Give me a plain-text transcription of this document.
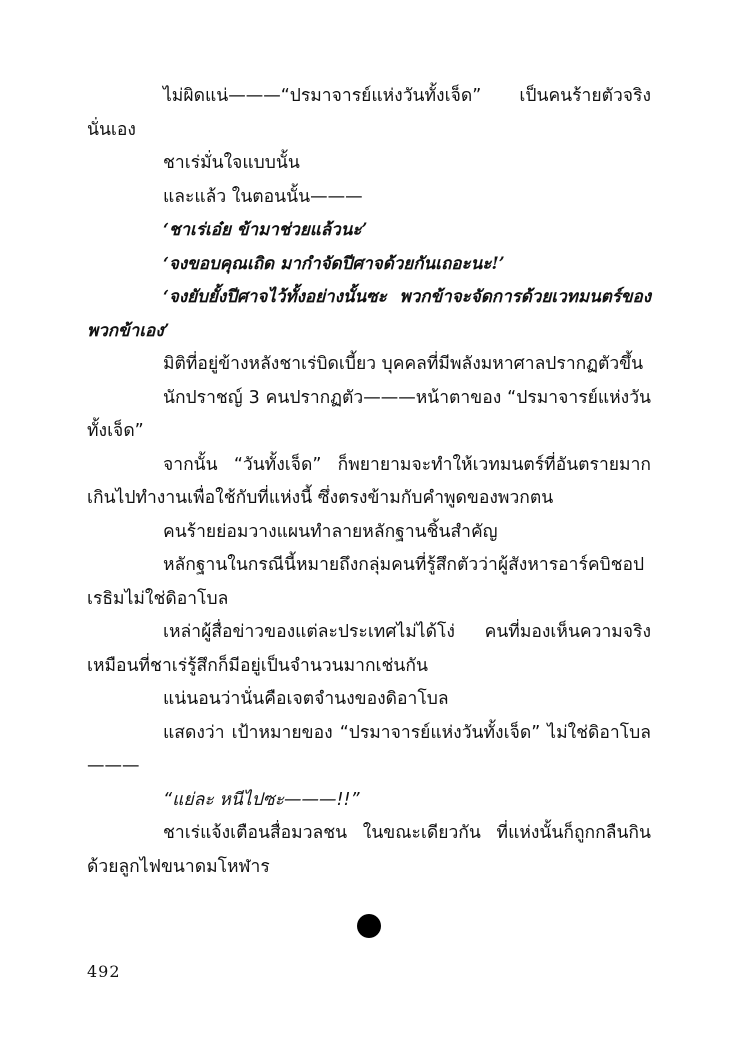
ไม่ผิดแน่———“ปรมาจารย์แห่งวันทั้งเจ็ด” เป็นคนร้ายตัวจริงนั่นเอง

ชาเร่มั่นใจแบบนั้น

และแล้ว ในตอนนั้น———

‘ชาเร่เอ๋ย ข้ามาช่วยแล้วนะ’

‘จงขอบคุณเถิด มากำจัดปีศาจด้วยกันเถอะนะ!’

‘จงยับยั้งปีศาจไว้ทั้งอย่างนั้นซะ พวกข้าจะจัดการด้วยเวทมนตร์ของพวกข้าเอง’

มิติที่อยู่ข้างหลังชาเร่บิดเบี้ยว บุคคลที่มีพลังมหาศาลปรากฏตัวขึ้น

นักปราชญ์ 3 คนปรากฏตัว———หน้าตาของ “ปรมาจารย์แห่งวันทั้งเจ็ด”

จากนั้น “วันทั้งเจ็ด” ก็พยายามจะทำให้เวทมนตร์ที่อันตรายมากเกินไปทำงานเพื่อใช้กับที่แห่งนี้ ซึ่งตรงข้ามกับคำพูดของพวกตน

คนร้ายย่อมวางแผนทำลายหลักฐานชิ้นสำคัญ

หลักฐานในกรณีนี้หมายถึงกลุ่มคนที่รู้สึกตัวว่าผู้สังหารอาร์คบิชอปเรธิมไม่ใช่ดิอาโบล

เหล่าผู้สื่อข่าวของแต่ละประเทศไม่ได้โง่ คนที่มองเห็นความจริงเหมือนที่ชาเร่รู้สึกก็มีอยู่เป็นจำนวนมากเช่นกัน

แน่นอนว่านั่นคือเจตจำนงของดิอาโบล

แสดงว่า เป้าหมายของ “ปรมาจารย์แห่งวันทั้งเจ็ด” ไม่ใช่ดิอาโบล———

“แย่ละ หนีไปซะ———!!”

ชาเร่แจ้งเตือนสื่อมวลชน ในขณะเดียวกัน ที่แห่งนั้นก็ถูกกลืนกินด้วยลูกไฟขนาดมโหฬาร

492
